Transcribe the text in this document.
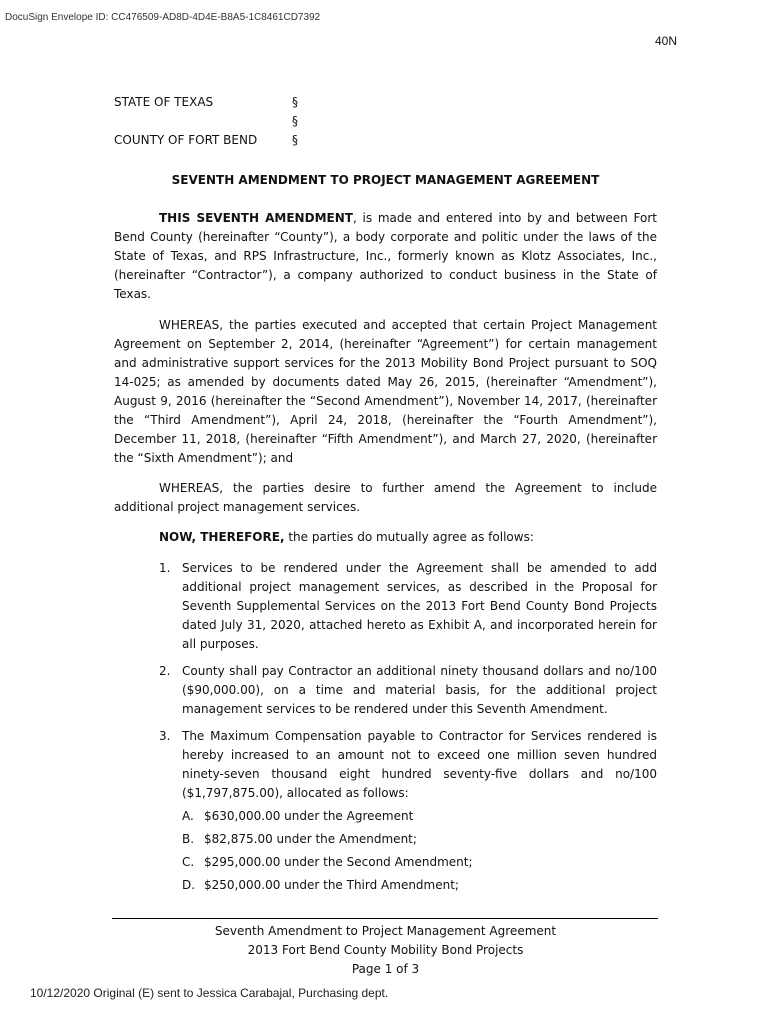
DocuSign Envelope ID: CC476509-AD8D-4D4E-B8A5-1C8461CD7392
40N
STATE OF TEXAS	§
§
COUNTY OF FORT BEND	§
SEVENTH AMENDMENT TO PROJECT MANAGEMENT AGREEMENT
THIS SEVENTH AMENDMENT, is made and entered into by and between Fort Bend County (hereinafter “County”), a body corporate and politic under the laws of the State of Texas, and RPS Infrastructure, Inc., formerly known as Klotz Associates, Inc., (hereinafter “Contractor”), a company authorized to conduct business in the State of Texas.
WHEREAS, the parties executed and accepted that certain Project Management Agreement on September 2, 2014, (hereinafter “Agreement”) for certain management and administrative support services for the 2013 Mobility Bond Project pursuant to SOQ 14-025; as amended by documents dated May 26, 2015, (hereinafter “Amendment”), August 9, 2016 (hereinafter the “Second Amendment”), November 14, 2017, (hereinafter the “Third Amendment”), April 24, 2018, (hereinafter the “Fourth Amendment”), December 11, 2018, (hereinafter “Fifth Amendment”), and March 27, 2020, (hereinafter the “Sixth Amendment”); and
WHEREAS, the parties desire to further amend the Agreement to include additional project management services.
NOW, THEREFORE, the parties do mutually agree as follows:
1. Services to be rendered under the Agreement shall be amended to add additional project management services, as described in the Proposal for Seventh Supplemental Services on the 2013 Fort Bend County Bond Projects dated July 31, 2020, attached hereto as Exhibit A, and incorporated herein for all purposes.
2. County shall pay Contractor an additional ninety thousand dollars and no/100 ($90,000.00), on a time and material basis, for the additional project management services to be rendered under this Seventh Amendment.
3. The Maximum Compensation payable to Contractor for Services rendered is hereby increased to an amount not to exceed one million seven hundred ninety-seven thousand eight hundred seventy-five dollars and no/100 ($1,797,875.00), allocated as follows:
A. $630,000.00 under the Agreement
B. $82,875.00 under the Amendment;
C. $295,000.00 under the Second Amendment;
D. $250,000.00 under the Third Amendment;
Seventh Amendment to Project Management Agreement
2013 Fort Bend County Mobility Bond Projects
Page 1 of 3
10/12/2020 Original (E) sent to Jessica Carabajal, Purchasing dept.
